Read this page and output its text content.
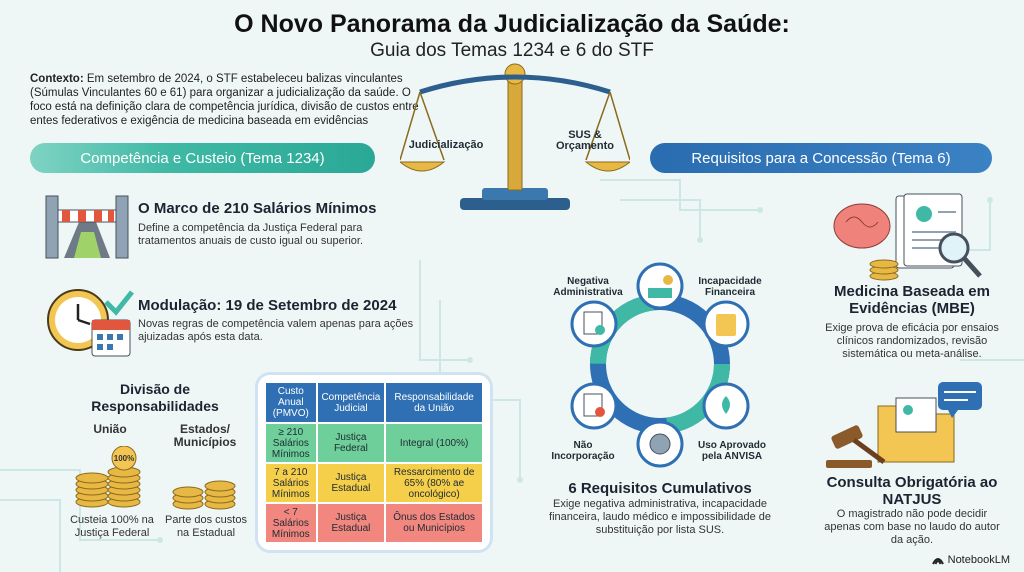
O Novo Panorama da Judicialização da Saúde:
Guia dos Temas 1234 e 6 do STF
Contexto: Em setembro de 2024, o STF estabeleceu balizas vinculantes (Súmulas Vinculantes 60 e 61) para organizar a judicialização da saúde. O foco está na definição clara de competência jurídica, divisão de custos entre entes federativos e exigência de medicina baseada em evidências
Judicialização
SUS & Orçamento
Competência e Custeio (Tema 1234)
O Marco de 210 Salários Mínimos
Define a competência da Justiça Federal para tratamentos anuais de custo igual ou superior.
Modulação: 19 de Setembro de 2024
Novas regras de competência valem apenas para ações ajuizadas após esta data.
Divisão de Responsabilidades
União	Estados/ Municípios
100%
Custeia 100% na Justiça Federal
Parte dos custos na Estadual
Custo Anual (PMVO)	Competência Judicial	Responsabilidade da União
≥ 210 Salários Mínimos	Justiça Federal	Integral (100%)
7 a 210 Salários Mínimos	Justiça Estadual	Ressarcimento de 65% (80% ae oncológico)
< 7 Salários Mínimos	Justiça Estadual	Ônus dos Estados ou Municípios
Requisitos para a Concessão (Tema 6)
Negativa Administrativa
Incapacidade Financeira
Uso Aprovado pela ANVISA
Não Incorporação
6 Requisitos Cumulativos
Exige negativa administrativa, incapacidade financeira, laudo médico e impossibilidade de substituição por lista SUS.
Medicina Baseada em Evidências (MBE)
Exige prova de eficácia por ensaios clínicos randomizados, revisão sistemática ou meta-análise.
Consulta Obrigatória ao NATJUS
O magistrado não pode decidir apenas com base no laudo do autor da ação.
NotebookLM
